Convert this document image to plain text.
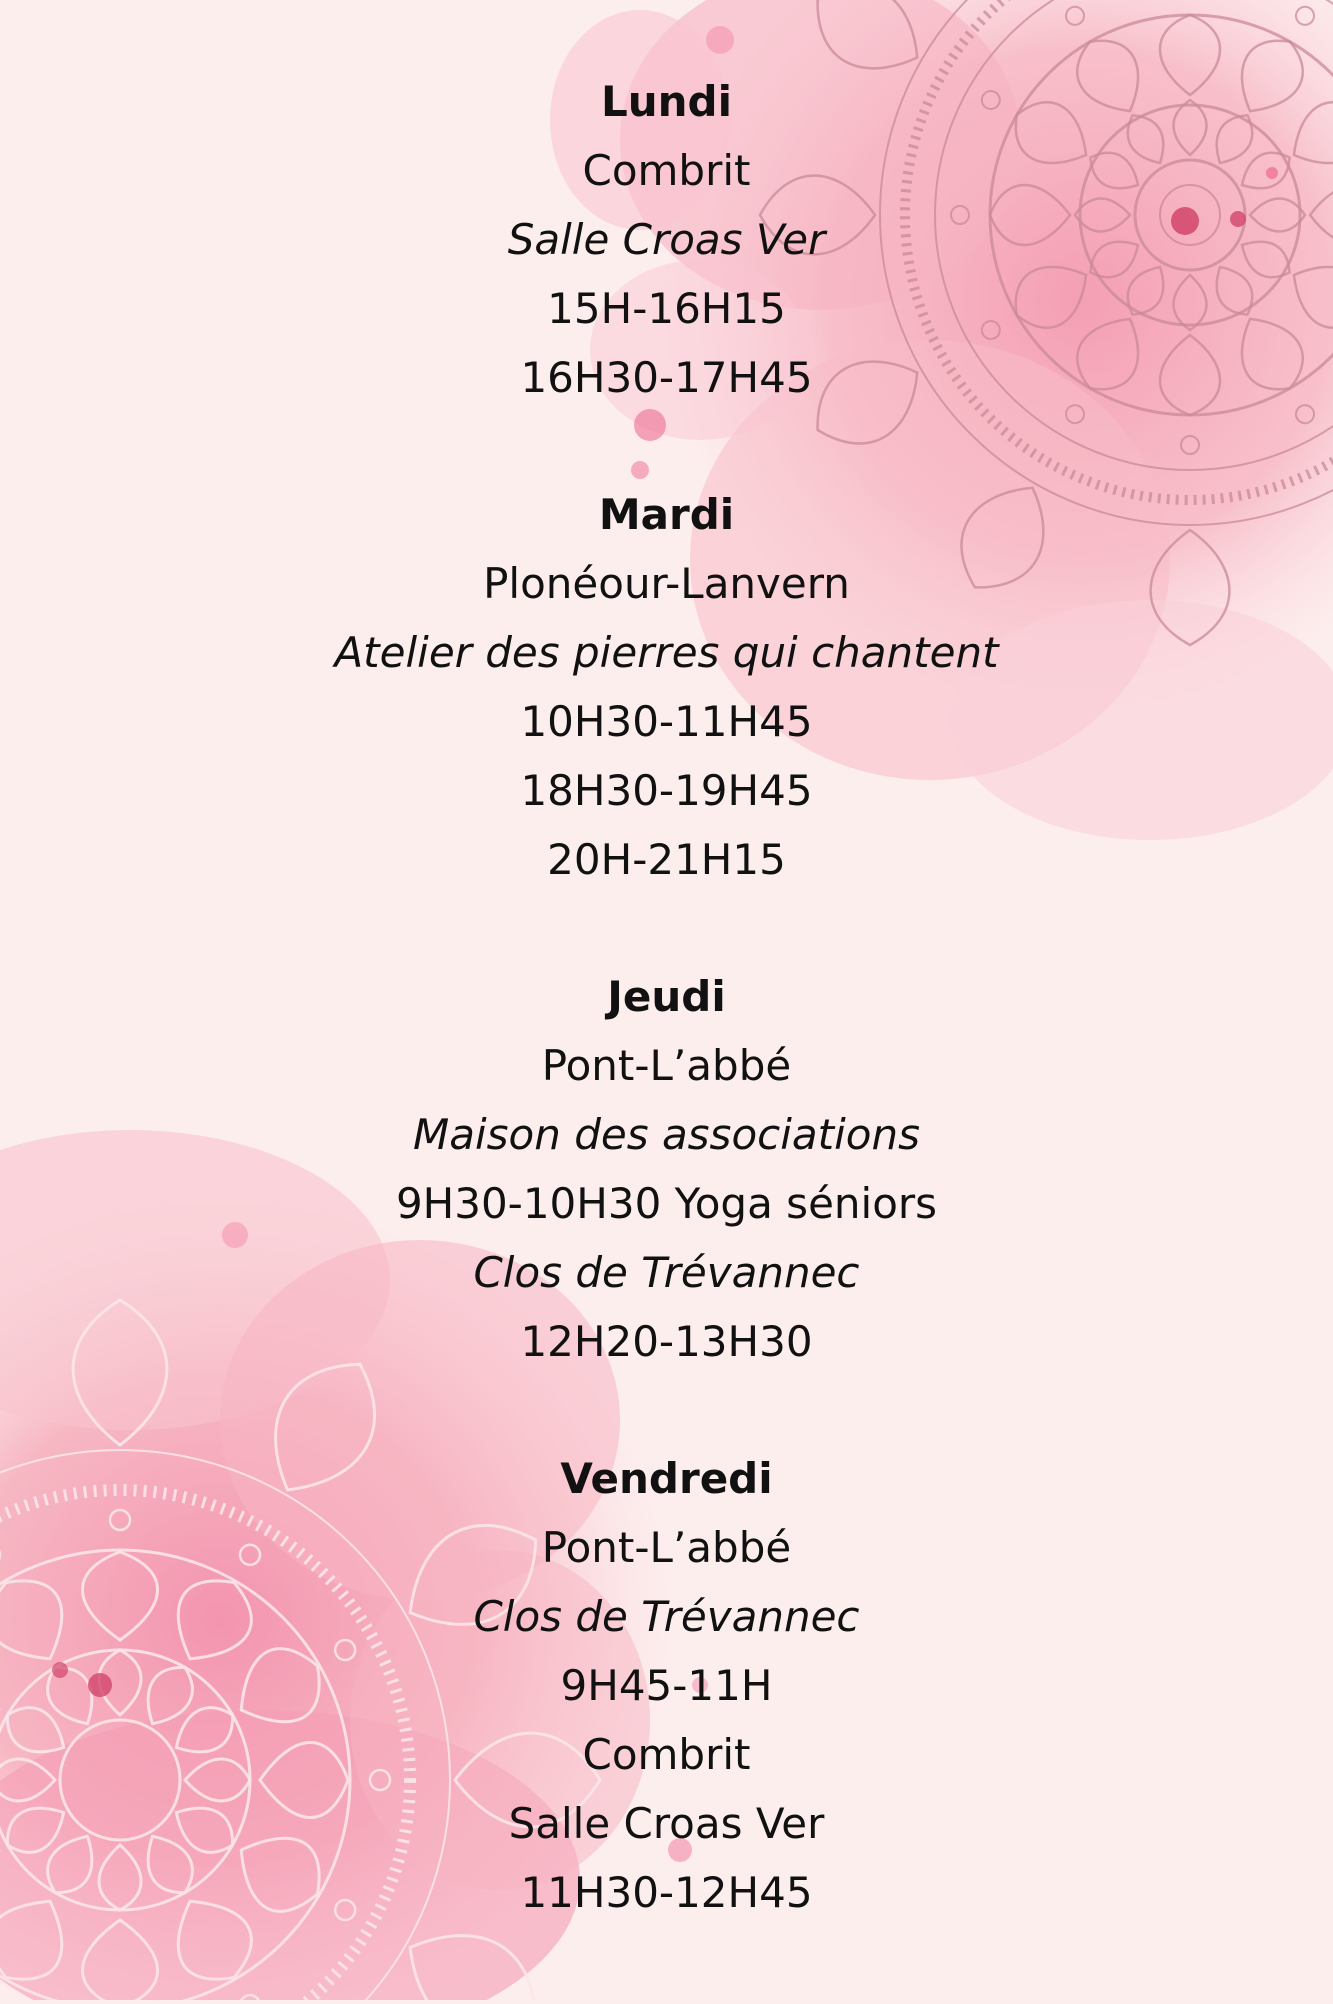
Lundi
Combrit
Salle Croas Ver
15H-16H15
16H30-17H45
Mardi
Plonéour-Lanvern
Atelier des pierres qui chantent
10H30-11H45
18H30-19H45
20H-21H15
Jeudi
Pont-L’abbé
Maison des associations
9H30-10H30 Yoga séniors
Clos de Trévannec
12H20-13H30
Vendredi
Pont-L’abbé
Clos de Trévannec
9H45-11H
Combrit
Salle Croas Ver
11H30-12H45
